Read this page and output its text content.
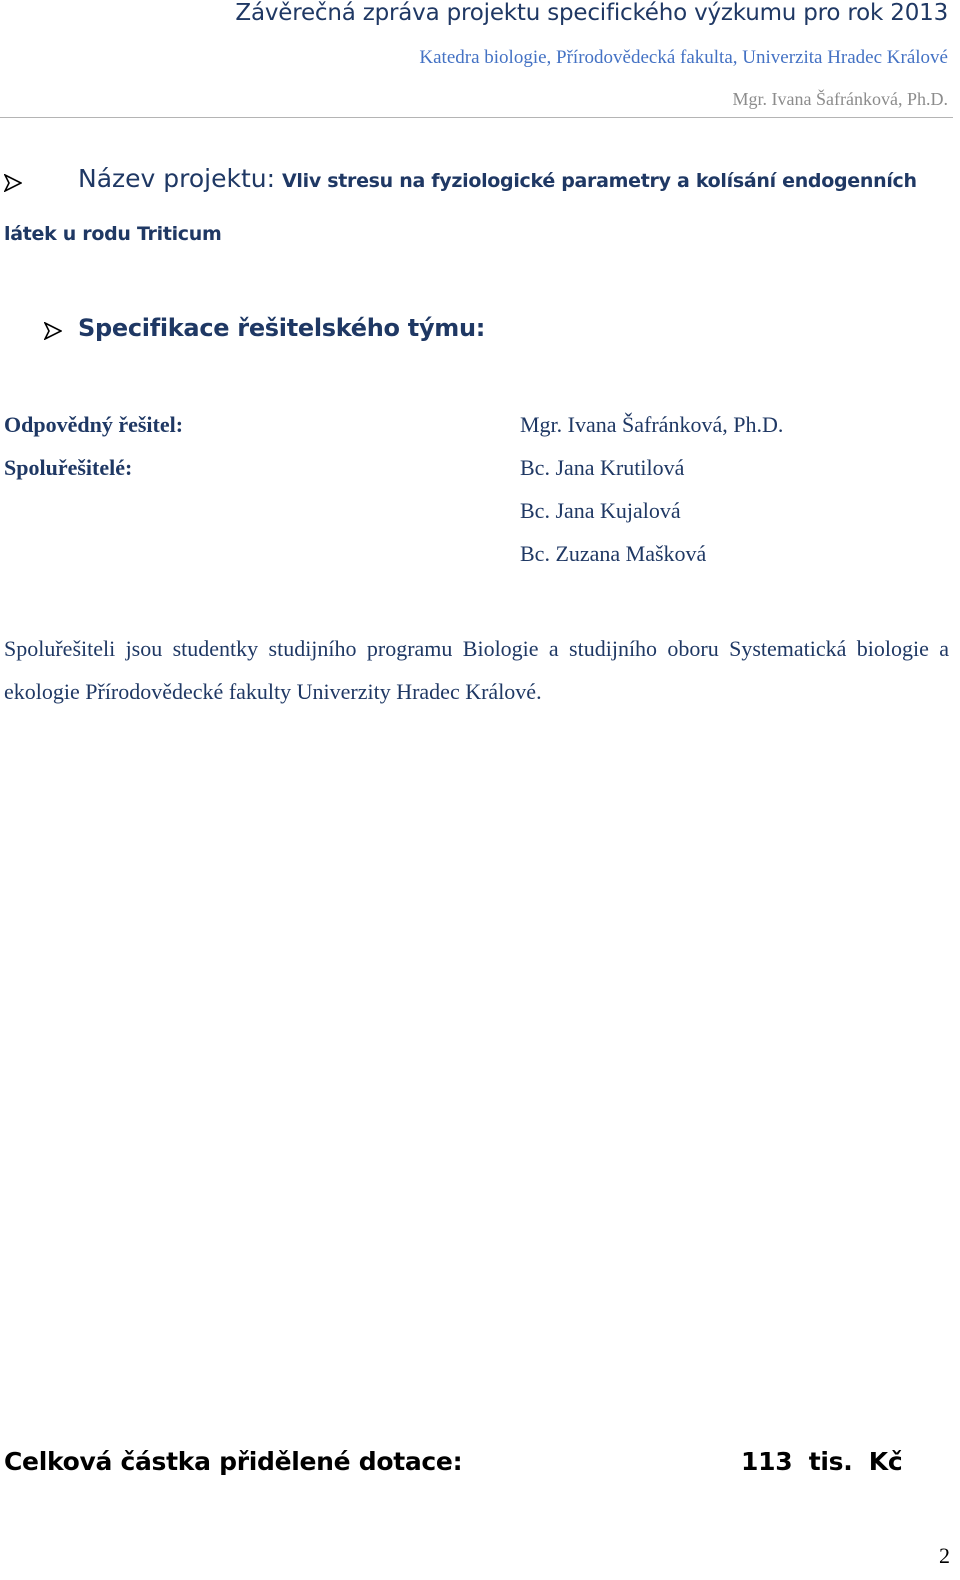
Závěrečná zpráva projektu specifického výzkumu pro rok 2013
Katedra biologie, Přírodovědecká fakulta, Univerzita Hradec Králové
Mgr. Ivana Šafránková, Ph.D.
Název projektu: Vliv stresu na fyziologické parametry a kolísání endogenních
látek u rodu Triticum
Specifikace řešitelského týmu:
Odpovědný řešitel:	Mgr. Ivana Šafránková, Ph.D.
Spoluřešitelé:	Bc. Jana Krutilová
Bc. Jana Kujalová
Bc. Zuzana Mašková
Spoluřešiteli jsou studentky studijního programu Biologie a studijního oboru Systematická biologie a ekologie Přírodovědecké fakulty Univerzity Hradec Králové.
Celková částka přidělené dotace:	113 tis. Kč
2
